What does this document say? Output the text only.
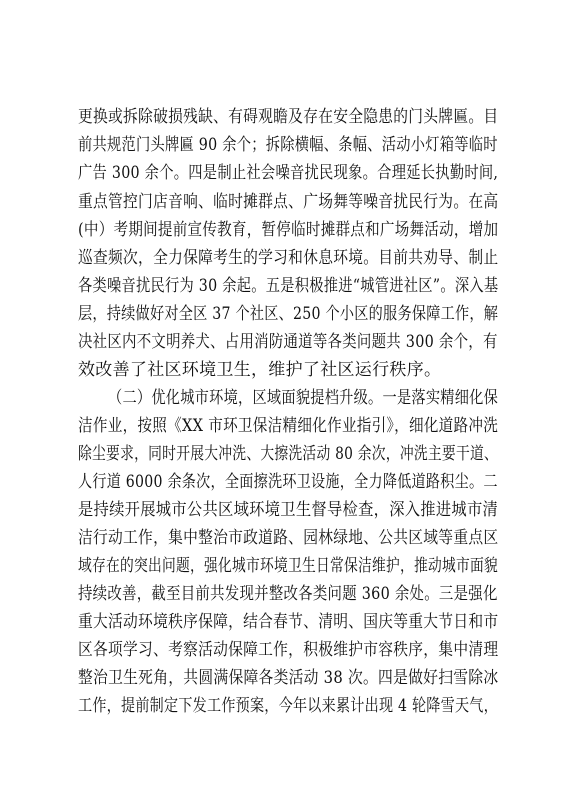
更换或拆除破损残缺、有碍观瞻及存在安全隐患的门头牌匾。目
前共规范门头牌匾 90 余个；拆除横幅、条幅、活动小灯箱等临时
广告 300 余个。四是制止社会噪音扰民现象。合理延长执勤时间,
重点管控门店音响、临时摊群点、广场舞等噪音扰民行为。在高
(中）考期间提前宣传教育，暂停临时摊群点和广场舞活动，增加
巡查频次，全力保障考生的学习和休息环境。目前共劝导、制止
各类噪音扰民行为 30 余起。五是积极推进“城管进社区”。深入基
层，持续做好对全区 37 个社区、250 个小区的服务保障工作，解
决社区内不文明养犬、占用消防通道等各类问题共 300 余个，有
效改善了社区环境卫生，维护了社区运行秩序。
（二）优化城市环境，区域面貌提档升级。一是落实精细化保
洁作业，按照《XX 市环卫保洁精细化作业指引》，细化道路冲洗
除尘要求，同时开展大冲洗、大擦洗活动 80 余次，冲洗主要干道、
人行道 6000 余条次，全面擦洗环卫设施，全力降低道路积尘。二
是持续开展城市公共区域环境卫生督导检查，深入推进城市清
洁行动工作，集中整治市政道路、园林绿地、公共区域等重点区
域存在的突出问题，强化城市环境卫生日常保洁维护，推动城市面貌
持续改善，截至目前共发现并整改各类问题 360 余处。三是强化
重大活动环境秩序保障，结合春节、清明、国庆等重大节日和市
区各项学习、考察活动保障工作，积极维护市容秩序，集中清理
整治卫生死角，共圆满保障各类活动 38 次。四是做好扫雪除冰
工作，提前制定下发工作预案，今年以来累计出现 4 轮降雪天气，
